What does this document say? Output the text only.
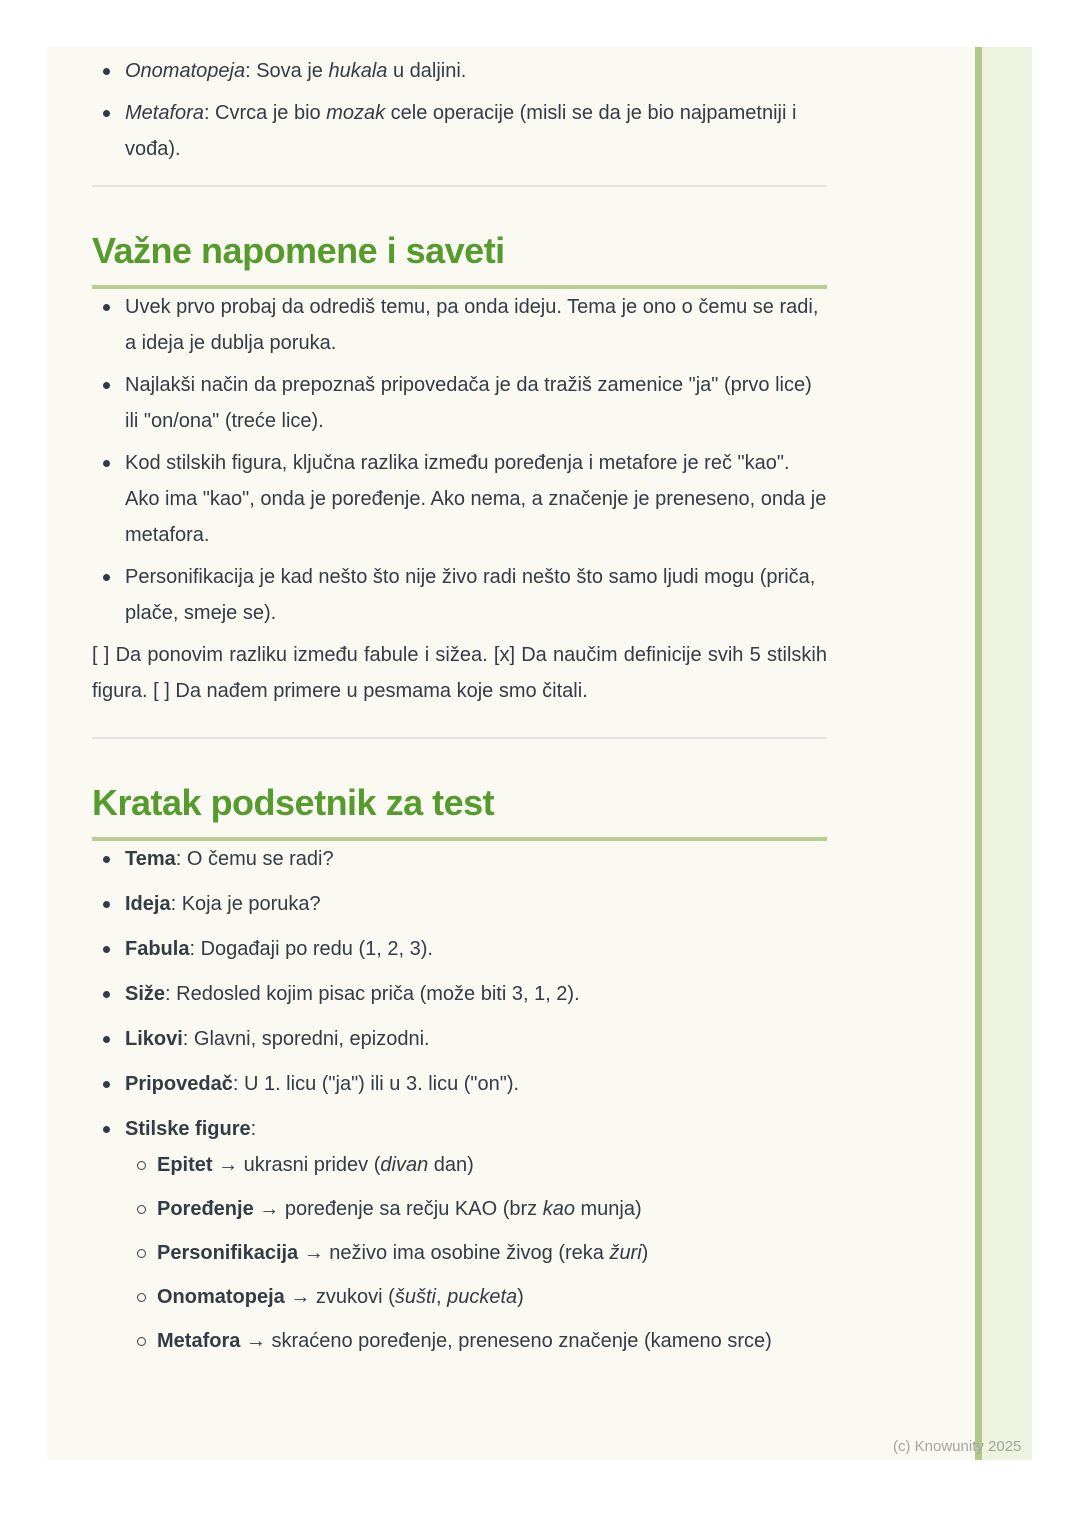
Onomatopeja: Sova je hukala u daljini.
Metafora: Cvrca je bio mozak cele operacije (misli se da je bio najpametniji i vođa).
Važne napomene i saveti
Uvek prvo probaj da odrediš temu, pa onda ideju. Tema je ono o čemu se radi, a ideja je dublja poruka.
Najlakši način da prepoznaš pripovedača je da tražiš zamenice "ja" (prvo lice) ili "on/ona" (treće lice).
Kod stilskih figura, ključna razlika između poređenja i metafore je reč "kao". Ako ima "kao", onda je poređenje. Ako nema, a značenje je preneseno, onda je metafora.
Personifikacija je kad nešto što nije živo radi nešto što samo ljudi mogu (priča, plače, smeje se).

[ ] Da ponovim razliku između fabule i sižea. [x] Da naučim definicije svih 5 stilskih figura. [ ] Da nađem primere u pesmama koje smo čitali.

Kratak podsetnik za test
Tema: O čemu se radi?
Ideja: Koja je poruka?
Fabula: Događaji po redu (1, 2, 3).
Siže: Redosled kojim pisac priča (može biti 3, 1, 2).
Likovi: Glavni, sporedni, epizodni.
Pripovedač: U 1. licu ("ja") ili u 3. licu ("on").
Stilske figure:
Epitet → ukrasni pridev (divan dan)
Poređenje → poređenje sa rečju KAO (brz kao munja)
Personifikacija → neživo ima osobine živog (reka žuri)
Onomatopeja → zvukovi (šušti, pucketa)
Metafora → skraćeno poređenje, preneseno značenje (kameno srce)
(c) Knowunity 2025
